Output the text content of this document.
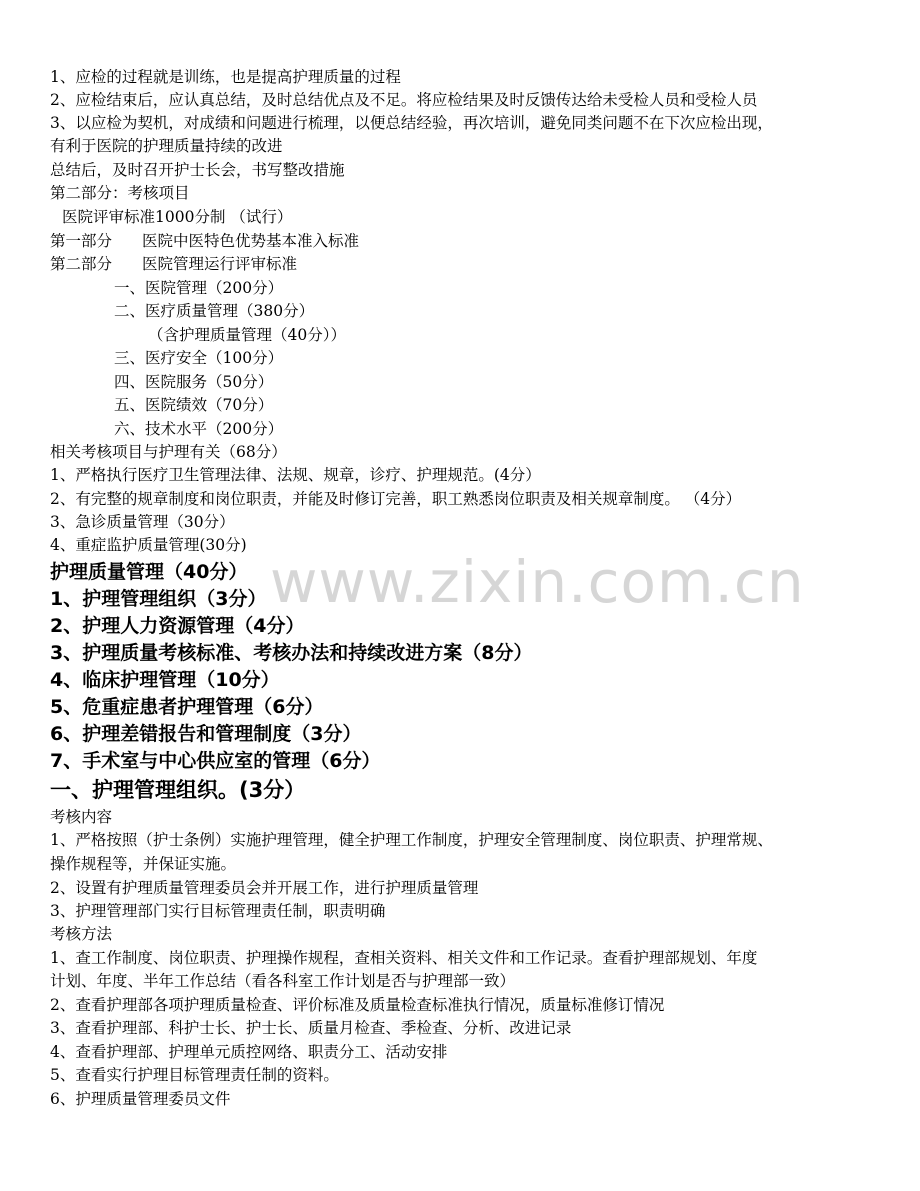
www.zixin.com.cn
1、应检的过程就是训练，也是提高护理质量的过程
2、应检结束后，应认真总结，及时总结优点及不足。将应检结果及时反馈传达给未受检人员和受检人员
3、以应检为契机，对成绩和问题进行梳理，以便总结经验，再次培训，避免同类问题不在下次应检出现，
有利于医院的护理质量持续的改进
总结后，及时召开护士长会，书写整改措施
第二部分：考核项目
医院评审标准1000分制 （试行）
第一部分 医院中医特色优势基本准入标准
第二部分 医院管理运行评审标准
一、医院管理（200分）
二、医疗质量管理（380分）
（含护理质量管理（40分））
三、医疗安全（100分）
四、医院服务（50分）
五、医院绩效（70分）
六、技术水平（200分）
相关考核项目与护理有关（68分）
1、严格执行医疗卫生管理法律、法规、规章，诊疗、护理规范。(4分）
2、有完整的规章制度和岗位职责，并能及时修订完善，职工熟悉岗位职责及相关规章制度。 （4分）
3、急诊质量管理（30分）
4、重症监护质量管理(30分)
护理质量管理（40分）
1、护理管理组织（3分）
2、护理人力资源管理（4分）
3、护理质量考核标准、考核办法和持续改进方案（8分）
4、临床护理管理（10分）
5、危重症患者护理管理（6分）
6、护理差错报告和管理制度（3分）
7、手术室与中心供应室的管理（6分）
一、护理管理组织。(3分）
考核内容
1、严格按照（护士条例）实施护理管理，健全护理工作制度，护理安全管理制度、岗位职责、护理常规、
操作规程等，并保证实施。
2、设置有护理质量管理委员会并开展工作，进行护理质量管理
3、护理管理部门实行目标管理责任制，职责明确
考核方法
1、查工作制度、岗位职责、护理操作规程，查相关资料、相关文件和工作记录。查看护理部规划、年度
计划、年度、半年工作总结（看各科室工作计划是否与护理部一致）
2、查看护理部各项护理质量检查、评价标准及质量检查标准执行情况，质量标准修订情况
3、查看护理部、科护士长、护士长、质量月检查、季检查、分析、改进记录
4、查看护理部、护理单元质控网络、职责分工、活动安排
5、查看实行护理目标管理责任制的资料。
6、护理质量管理委员文件
